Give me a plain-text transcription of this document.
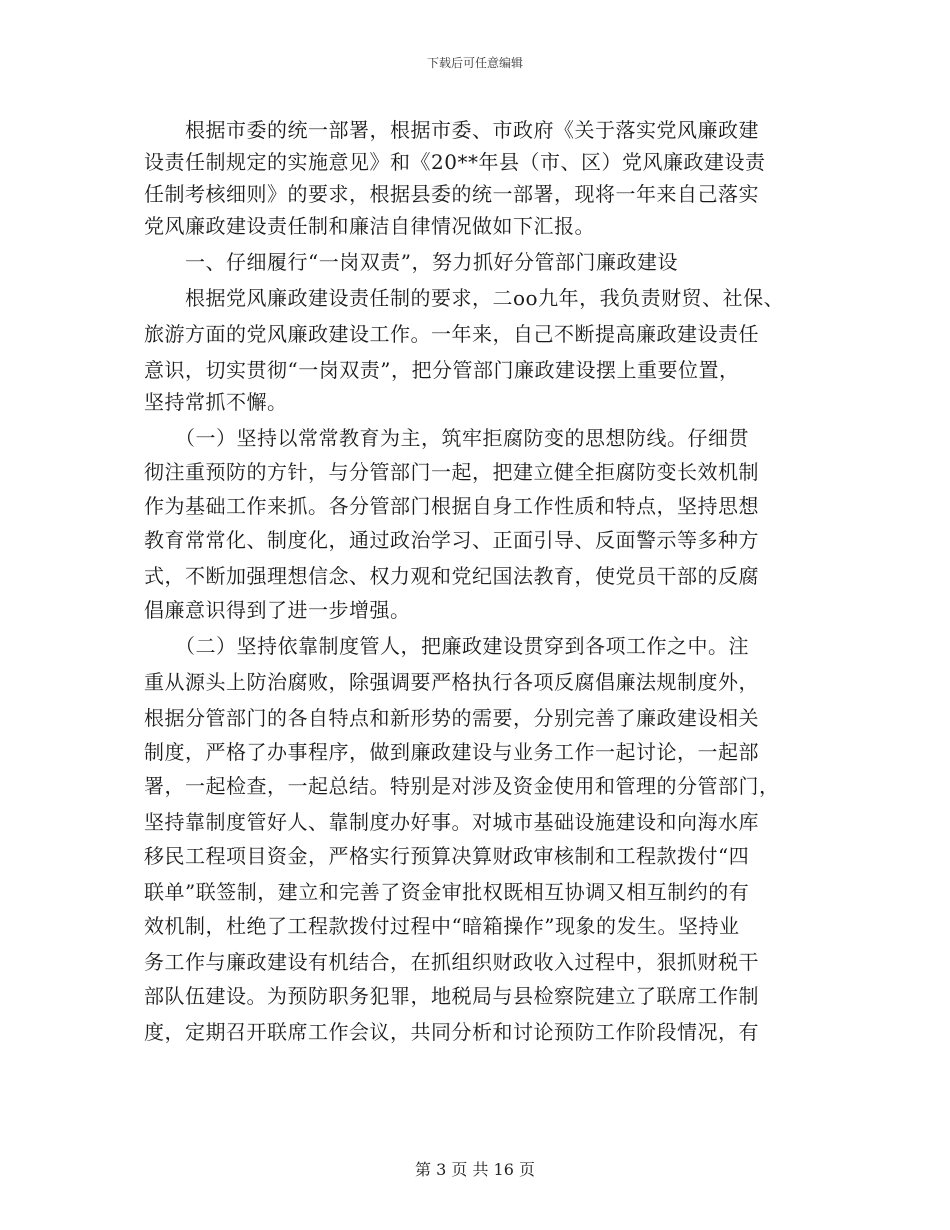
下载后可任意编辑
　　根据市委的统一部署，根据市委、市政府《关于落实党风廉政建
设责任制规定的实施意见》和《20**年县（市、区）党风廉政建设责
任制考核细则》的要求，根据县委的统一部署，现将一年来自己落实
党风廉政建设责任制和廉洁自律情况做如下汇报。
　　一、仔细履行“一岗双责”，努力抓好分管部门廉政建设
　　根据党风廉政建设责任制的要求，二oo九年，我负责财贸、社保、
旅游方面的党风廉政建设工作。一年来，自己不断提高廉政建设责任
意识，切实贯彻“一岗双责”，把分管部门廉政建设摆上重要位置，
坚持常抓不懈。
　　（一）坚持以常常教育为主，筑牢拒腐防变的思想防线。仔细贯
彻注重预防的方针，与分管部门一起，把建立健全拒腐防变长效机制
作为基础工作来抓。各分管部门根据自身工作性质和特点，坚持思想
教育常常化、制度化，通过政治学习、正面引导、反面警示等多种方
式，不断加强理想信念、权力观和党纪国法教育，使党员干部的反腐
倡廉意识得到了进一步增强。
　　（二）坚持依靠制度管人，把廉政建设贯穿到各项工作之中。注
重从源头上防治腐败，除强调要严格执行各项反腐倡廉法规制度外，
根据分管部门的各自特点和新形势的需要，分别完善了廉政建设相关
制度，严格了办事程序，做到廉政建设与业务工作一起讨论，一起部
署，一起检查，一起总结。特别是对涉及资金使用和管理的分管部门，
坚持靠制度管好人、靠制度办好事。对城市基础设施建设和向海水库
移民工程项目资金，严格实行预算决算财政审核制和工程款拨付“四
联单”联签制，建立和完善了资金审批权既相互协调又相互制约的有
效机制，杜绝了工程款拨付过程中“暗箱操作”现象的发生。坚持业
务工作与廉政建设有机结合，在抓组织财政收入过程中，狠抓财税干
部队伍建设。为预防职务犯罪，地税局与县检察院建立了联席工作制
度，定期召开联席工作会议，共同分析和讨论预防工作阶段情况，有
第 3 页 共 16 页
